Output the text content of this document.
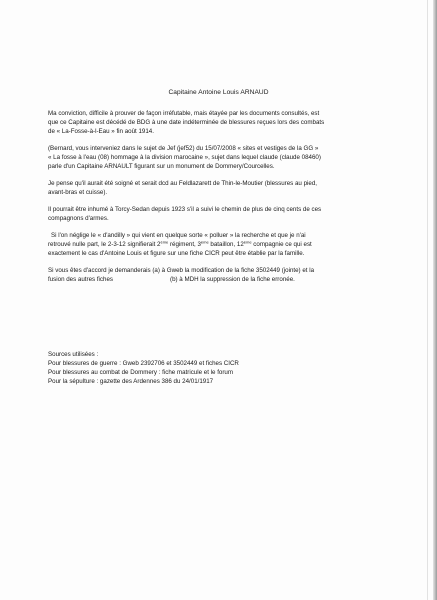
Capitaine Antoine Louis ARNAUD

Ma conviction, difficile à prouver de façon irréfutable, mais étayée par les documents consultés, est
que ce Capitaine est décédé de BDG à une date indéterminée de blessures reçues lors des combats
de « La-Fosse-à-l-Eau » fin août 1914.

(Bernard, vous interveniez dans le sujet de Jef (jef52) du 15/07/2008 « sites et vestiges de la GG »
« La fosse à l'eau (08) hommage à la division marocaine », sujet dans lequel claude (claude 08460)
parle d'un Capitaine ARNAULT figurant sur un monument de Dommery/Courcelles.

Je pense qu'il aurait été soigné et serait dcd au Feldlazarett de Thin-le-Moutier (blessures au pied,
avant-bras et cuisse).

Il pourrait être inhumé à Torcy-Sedan depuis 1923 s'il a suivi le chemin de plus de cinq cents de ces
compagnons d'armes.

Si l'on néglige le « d'andilly » qui vient en quelque sorte « polluer » la recherche et que je n'ai
retrouvé nulle part, le 2-3-12 signifierait 2ème régiment, 3ème bataillon, 12ème compagnie ce qui est
exactement le cas d'Antoine Louis et figure sur une fiche CICR peut être établie par la famille.

Si vous êtes d'accord je demanderais (a) à Gweb la modification de la fiche 3502449 (jointe) et la
fusion des autres fiches	(b) à MDH la suppression de la fiche erronée.

Sources utilisées :
Pour blessures de guerre : Gweb 2392706 et 3502449 et fiches CICR
Pour blessures au combat de Dommery : fiche matricule et le forum
Pour la sépulture : gazette des Ardennes 386 du 24/01/1917
